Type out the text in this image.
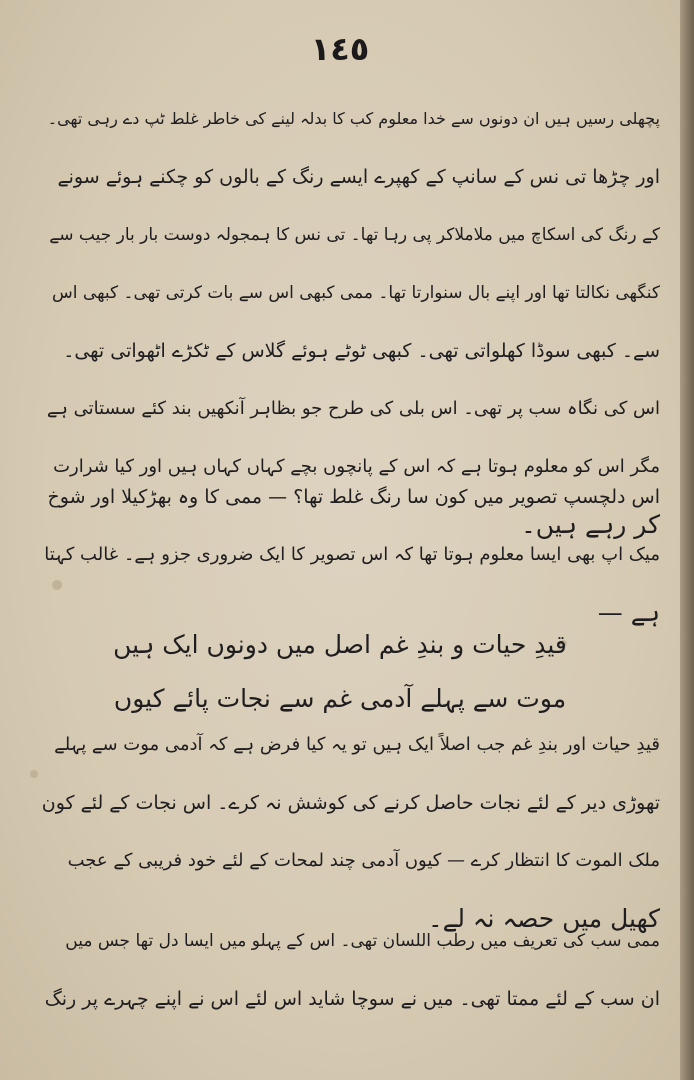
١٤٥

پچھلی رسیں ہیں ان دونوں سے خدا معلوم کب کا بدلہ لینے کی خاطر غلط ٹپ دے رہی تھی۔

اور چڑھا تی نس کے سانپ کے کھپرے ایسے رنگ کے بالوں کو چکنے ہوئے سونے

کے رنگ کی اسکاچ میں ملاملاکر پی رہا تھا۔ تی نس کا ہمجولہ دوست بار بار جیب سے

کنگھی نکالتا تھا اور اپنے بال سنوارتا تھا۔ ممی کبھی اس سے بات کرتی تھی۔ کبھی اس

سے۔ کبھی سوڈا کھلواتی تھی۔ کبھی ٹوٹے ہوئے گلاس کے ٹکڑے اٹھواتی تھی۔

اس کی نگاہ سب پر تھی۔ اس بلی کی طرح جو بظاہر آنکھیں بند کئے سستاتی ہے

مگر اس کو معلوم ہوتا ہے کہ اس کے پانچوں بچے کہاں کہاں ہیں اور کیا شرارت

کر رہے ہیں۔

اس دلچسپ تصویر میں کون سا رنگ غلط تھا؟ — ممی کا وہ بھڑکیلا اور شوخ

میک اپ بھی ایسا معلوم ہوتا تھا کہ اس تصویر کا ایک ضروری جزو ہے۔ غالب کہتا

ہے —

قیدِ حیات و بندِ غم اصل میں دونوں ایک ہیں

موت سے پہلے آدمی غم سے نجات پائے کیوں

قیدِ حیات اور بندِ غم جب اصلاً ایک ہیں تو یہ کیا فرض ہے کہ آدمی موت سے پہلے

تھوڑی دیر کے لئے نجات حاصل کرنے کی کوشش نہ کرے۔ اس نجات کے لئے کون

ملک الموت کا انتظار کرے — کیوں آدمی چند لمحات کے لئے خود فریبی کے عجب

کھیل میں حصہ نہ لے۔

ممی سب کی تعریف میں رطب اللسان تھی۔ اس کے پہلو میں ایسا دل تھا جس میں

ان سب کے لئے ممتا تھی۔ میں نے سوچا شاید اس لئے اس نے اپنے چہرے پر رنگ
